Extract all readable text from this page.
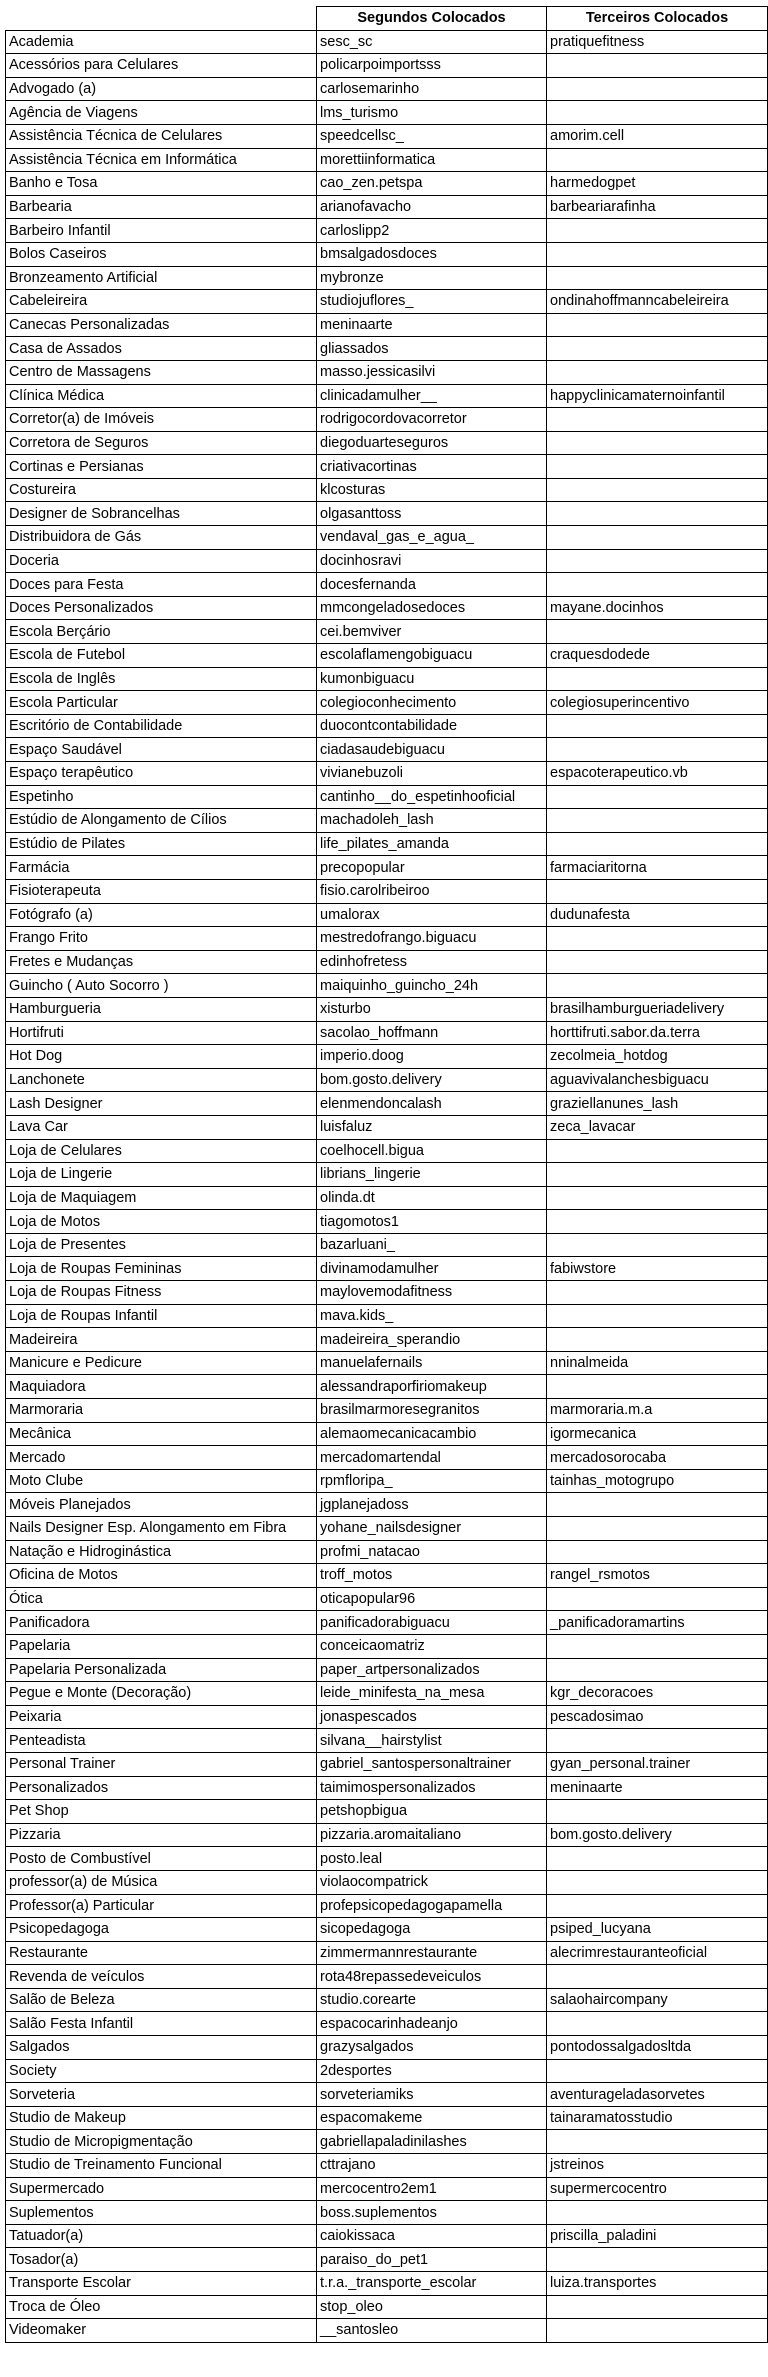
	Segundos Colocados	Terceiros Colocados
Academia	sesc_sc	pratiquefitness
Acessórios para Celulares	policarpoimportsss	
Advogado (a)	carlosemarinho	
Agência de Viagens	lms_turismo	
Assistência Técnica de Celulares	speedcellsc_	amorim.cell
Assistência Técnica em Informática	morettiinformatica	
Banho e Tosa	cao_zen.petspa	harmedogpet
Barbearia	arianofavacho	barbeariarafinha
Barbeiro Infantil	carloslipp2	
Bolos Caseiros	bmsalgadosdoces	
Bronzeamento Artificial	mybronze	
Cabeleireira	studiojuflores_	ondinahoffmanncabeleireira
Canecas Personalizadas	meninaarte	
Casa de Assados	gliassados	
Centro de Massagens	masso.jessicasilvi	
Clínica Médica	clinicadamulher__	happyclinicamaternoinfantil
Corretor(a) de Imóveis	rodrigocordovacorretor	
Corretora de Seguros	diegoduarteseguros	
Cortinas e Persianas	criativacortinas	
Costureira	klcosturas	
Designer de Sobrancelhas	olgasanttoss	
Distribuidora de Gás	vendaval_gas_e_agua_	
Doceria	docinhosravi	
Doces para Festa	docesfernanda	
Doces Personalizados	mmcongeladosedoces	mayane.docinhos
Escola Berçário	cei.bemviver	
Escola de Futebol	escolaflamengobiguacu	craquesdodede
Escola de Inglês	kumonbiguacu	
Escola Particular	colegioconhecimento	colegiosuperincentivo
Escritório de Contabilidade	duocontcontabilidade	
Espaço Saudável	ciadasaudebiguacu	
Espaço terapêutico	vivianebuzoli	espacoterapeutico.vb
Espetinho	cantinho__do_espetinhooficial	
Estúdio de Alongamento de Cílios	machadoleh_lash	
Estúdio de Pilates	life_pilates_amanda	
Farmácia	precopopular	farmaciaritorna
Fisioterapeuta	fisio.carolribeiroo	
Fotógrafo (a)	umalorax	dudunafesta
Frango Frito	mestredofrango.biguacu	
Fretes e Mudanças	edinhofretess	
Guincho ( Auto Socorro )	maiquinho_guincho_24h	
Hamburgueria	xisturbo	brasilhamburgueriadelivery
Hortifruti	sacolao_hoffmann	horttifruti.sabor.da.terra
Hot Dog	imperio.doog	zecolmeia_hotdog
Lanchonete	bom.gosto.delivery	aguavivalanchesbiguacu
Lash Designer	elenmendoncalash	graziellanunes_lash
Lava Car	luisfaluz	zeca_lavacar
Loja de Celulares	coelhocell.bigua	
Loja de Lingerie	librians_lingerie	
Loja de Maquiagem	olinda.dt	
Loja de Motos	tiagomotos1	
Loja de Presentes	bazarluani_	
Loja de Roupas Femininas	divinamodamulher	fabiwstore
Loja de Roupas Fitness	maylovemodafitness	
Loja de Roupas Infantil	mava.kids_	
Madeireira	madeireira_sperandio	
Manicure e Pedicure	manuelafernails	nninalmeida
Maquiadora	alessandraporfiriomakeup	
Marmoraria	brasilmarmoresegranitos	marmoraria.m.a
Mecânica	alemaomecanicacambio	igormecanica
Mercado	mercadomartendal	mercadosorocaba
Moto Clube	rpmfloripa_	tainhas_motogrupo
Móveis Planejados	jgplanejadoss	
Nails Designer Esp. Alongamento em Fibra	yohane_nailsdesigner	
Natação e Hidroginástica	profmi_natacao	
Oficina de Motos	troff_motos	rangel_rsmotos
Ótica	oticapopular96	
Panificadora	panificadorabiguacu	_panificadoramartins
Papelaria	conceicaomatriz	
Papelaria Personalizada	paper_artpersonalizados	
Pegue e Monte (Decoração)	leide_minifesta_na_mesa	kgr_decoracoes
Peixaria	jonaspescados	pescadosimao
Penteadista	silvana__hairstylist	
Personal Trainer	gabriel_santospersonaltrainer	gyan_personal.trainer
Personalizados	taimimospersonalizados	meninaarte
Pet Shop	petshopbigua	
Pizzaria	pizzaria.aromaitaliano	bom.gosto.delivery
Posto de Combustível	posto.leal	
professor(a) de Música	violaocompatrick	
Professor(a) Particular	profepsicopedagogapamella	
Psicopedagoga	sicopedagoga	psiped_lucyana
Restaurante	zimmermannrestaurante	alecrimrestauranteoficial
Revenda de veículos	rota48repassedeveiculos	
Salão de Beleza	studio.corearte	salaohaircompany
Salão Festa Infantil	espacocarinhadeanjo	
Salgados	grazysalgados	pontodossalgadosltda
Society	2desportes	
Sorveteria	sorveteriamiks	aventurageladasorvetes
Studio de Makeup	espacomakeme	tainaramatosstudio
Studio de Micropigmentação	gabriellapaladinilashes	
Studio de Treinamento Funcional	cttrajano	jstreinos
Supermercado	mercocentro2em1	supermercocentro
Suplementos	boss.suplementos	
Tatuador(a)	caiokissaca	priscilla_paladini
Tosador(a)	paraiso_do_pet1	
Transporte Escolar	t.r.a._transporte_escolar	luiza.transportes
Troca de Óleo	stop_oleo	
Videomaker	__santosleo	
